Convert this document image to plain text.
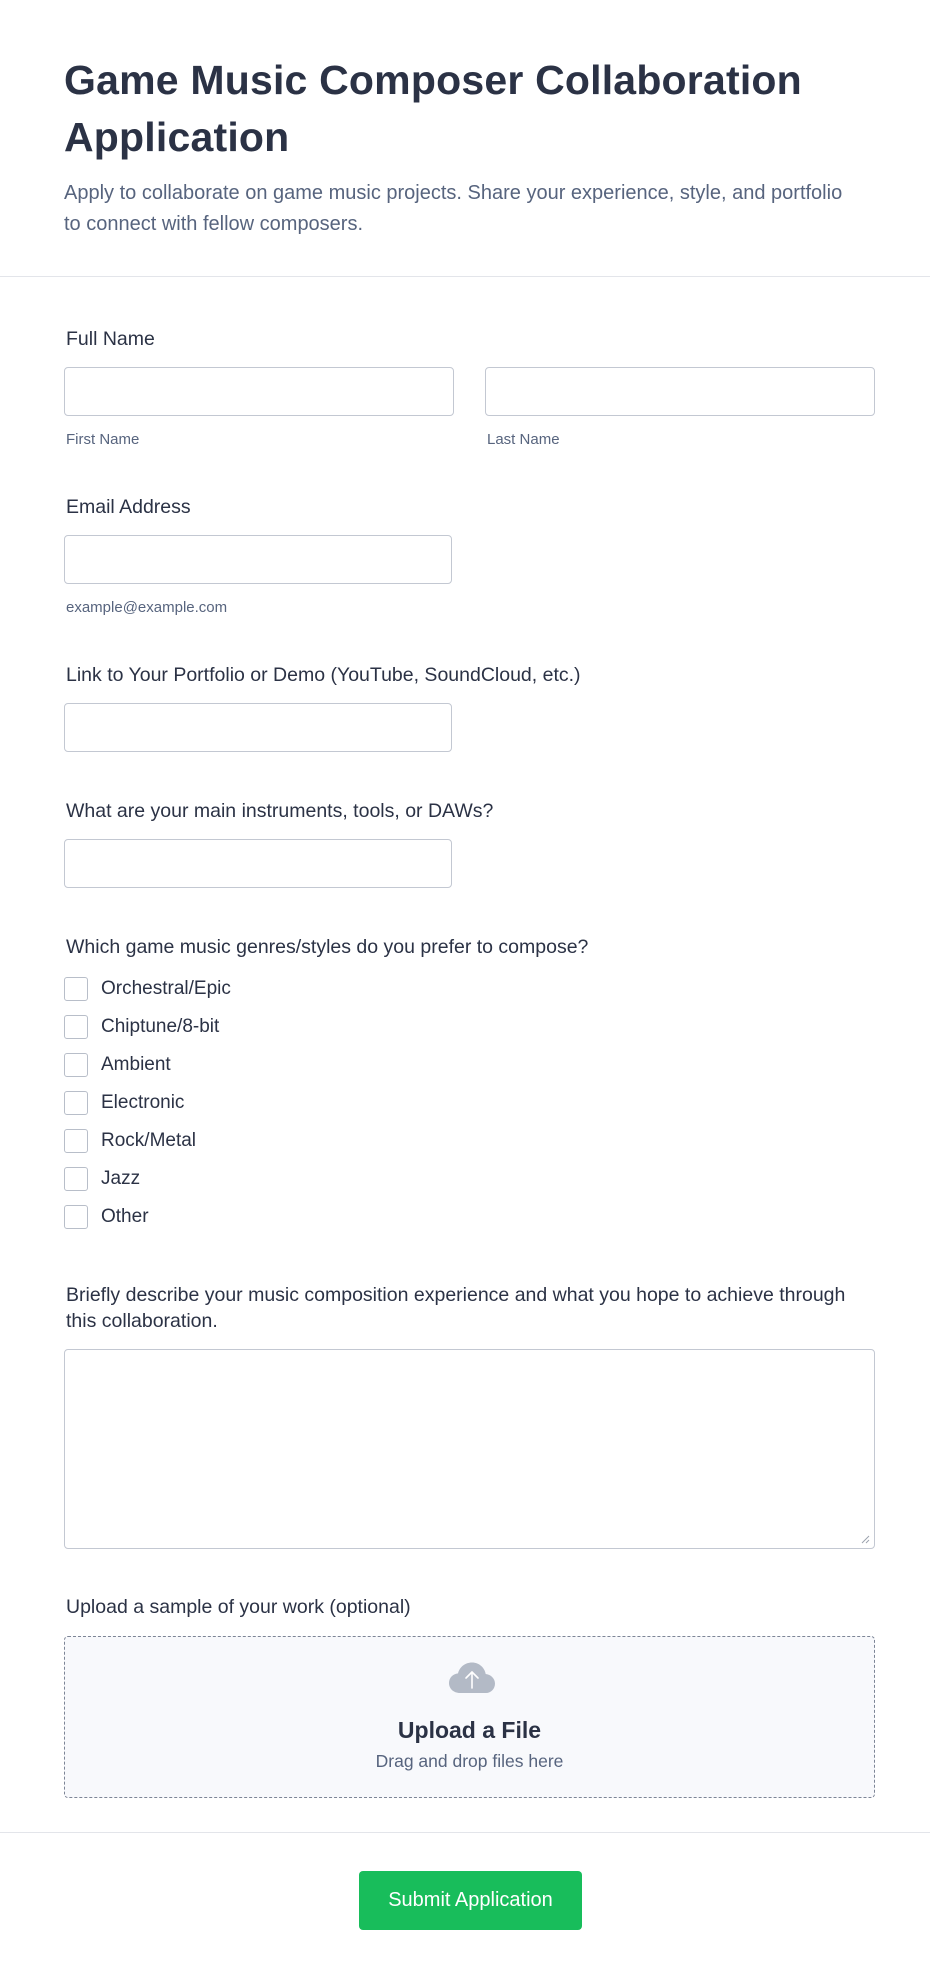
Game Music Composer Collaboration Application
Apply to collaborate on game music projects. Share your experience, style, and portfolio to connect with fellow composers.
Full Name
First Name	Last Name
Email Address
example@example.com
Link to Your Portfolio or Demo (YouTube, SoundCloud, etc.)
What are your main instruments, tools, or DAWs?
Which game music genres/styles do you prefer to compose?
Orchestral/Epic
Chiptune/8-bit
Ambient
Electronic
Rock/Metal
Jazz
Other
Briefly describe your music composition experience and what you hope to achieve through this collaboration.
Upload a sample of your work (optional)
Upload a File
Drag and drop files here
Submit Application
